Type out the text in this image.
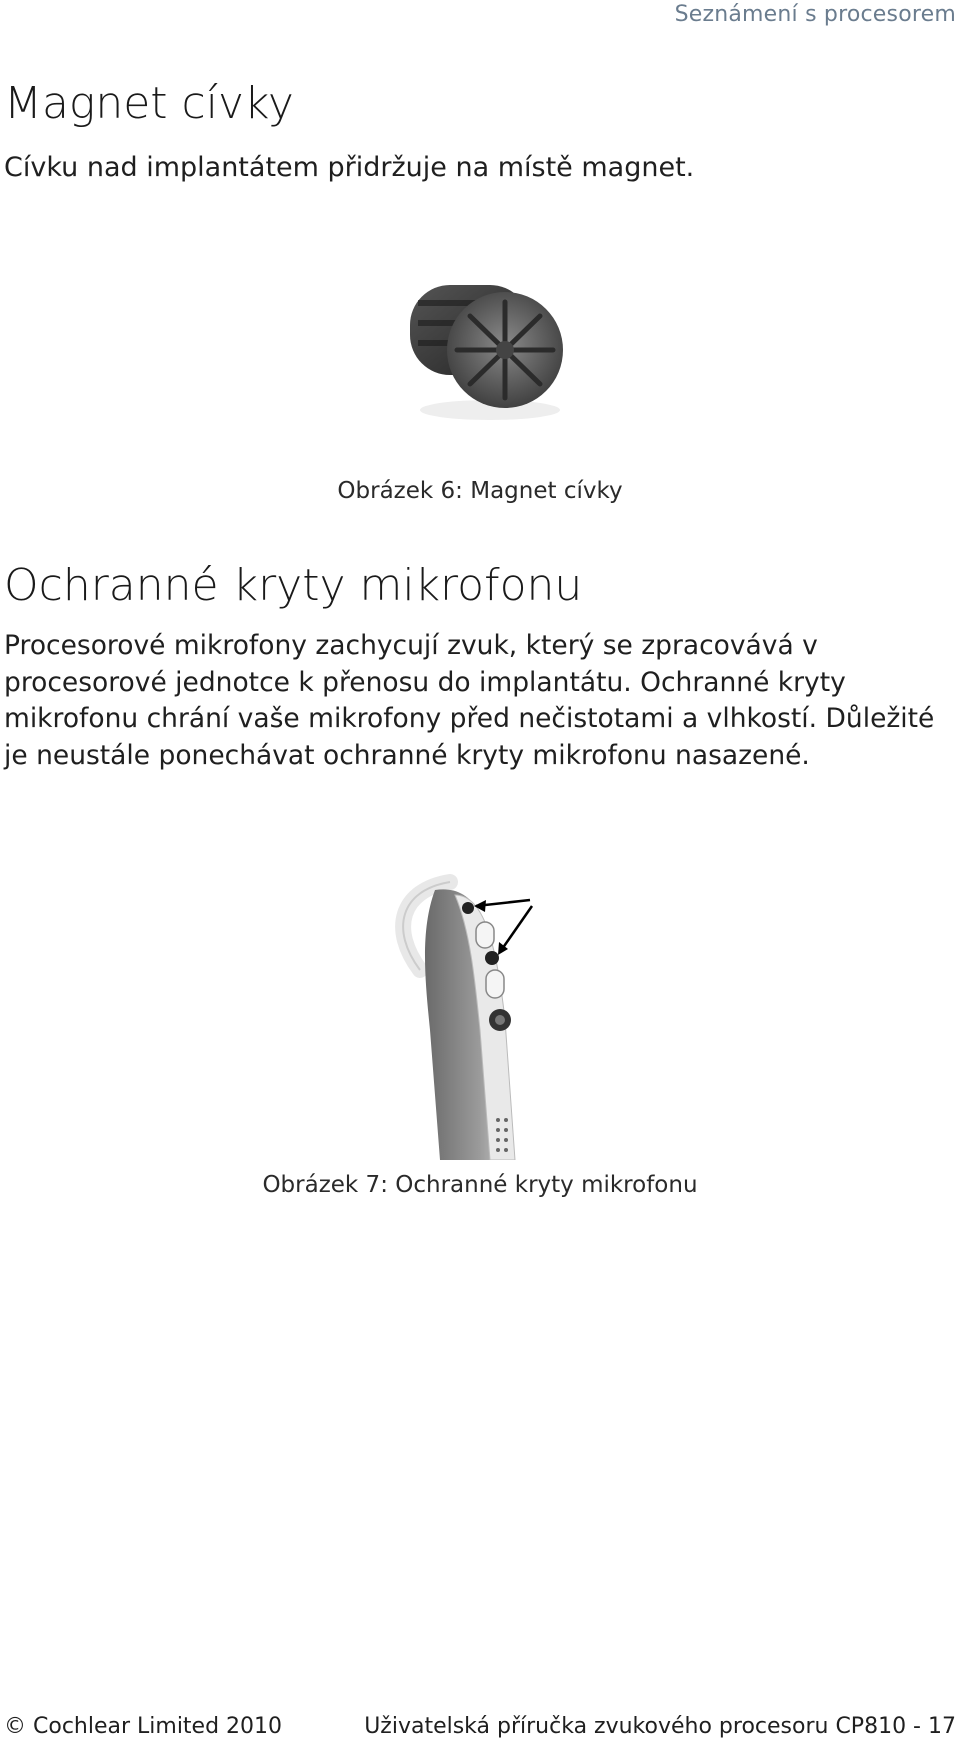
Seznámení s procesorem
Magnet cívky

Cívku nad implantátem přidržuje na místě magnet.

Obrázek 6: Magnet cívky

Ochranné kryty mikrofonu

Procesorové mikrofony zachycují zvuk, který se zpracovává v procesorové jednotce k přenosu do implantátu. Ochranné kryty mikrofonu chrání vaše mikrofony před nečistotami a vlhkostí. Důležité je neustále ponechávat ochranné kryty mikrofonu nasazené.

Obrázek 7: Ochranné kryty mikrofonu

© Cochlear Limited 2010	Uživatelská příručka zvukového procesoru CP810 - 17
